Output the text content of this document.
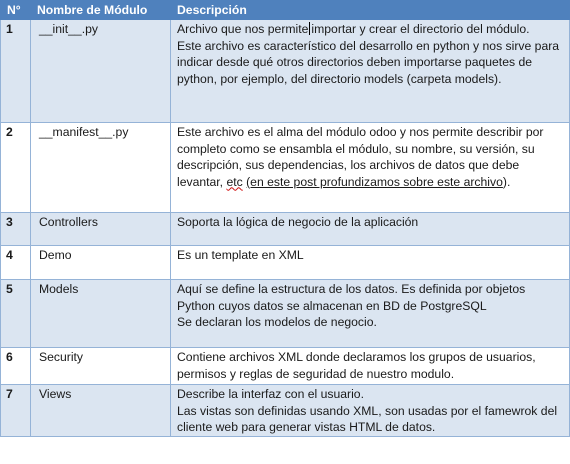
N°	Nombre de Módulo	Descripción
1	__init__.py	Archivo que nos permite importar y crear el directorio del módulo.
Este archivo es característico del desarrollo en python y nos sirve para indicar desde qué otros directorios deben importarse paquetes de python, por ejemplo, del directorio models (carpeta models).

2	__manifest__.py	Este archivo es el alma del módulo odoo y nos permite describir por completo como se ensambla el módulo, su nombre, su versión, su descripción, sus dependencias, los archivos de datos que debe levantar, etc (en este post profundizamos sobre este archivo).
3	Controllers	Soporta la lógica de negocio de la aplicación
4	Demo	Es un template en XML
5	Models	Aquí se define la estructura de los datos. Es definida por objetos Python cuyos datos se almacenan en BD de PostgreSQL
Se declaran los modelos de negocio.

6	Security	Contiene archivos XML donde declaramos los grupos de usuarios, permisos y reglas de seguridad de nuestro modulo.
7	Views	Describe la interfaz con el usuario.
Las vistas son definidas usando XML, son usadas por el famewrok del cliente web para generar vistas HTML de datos.
